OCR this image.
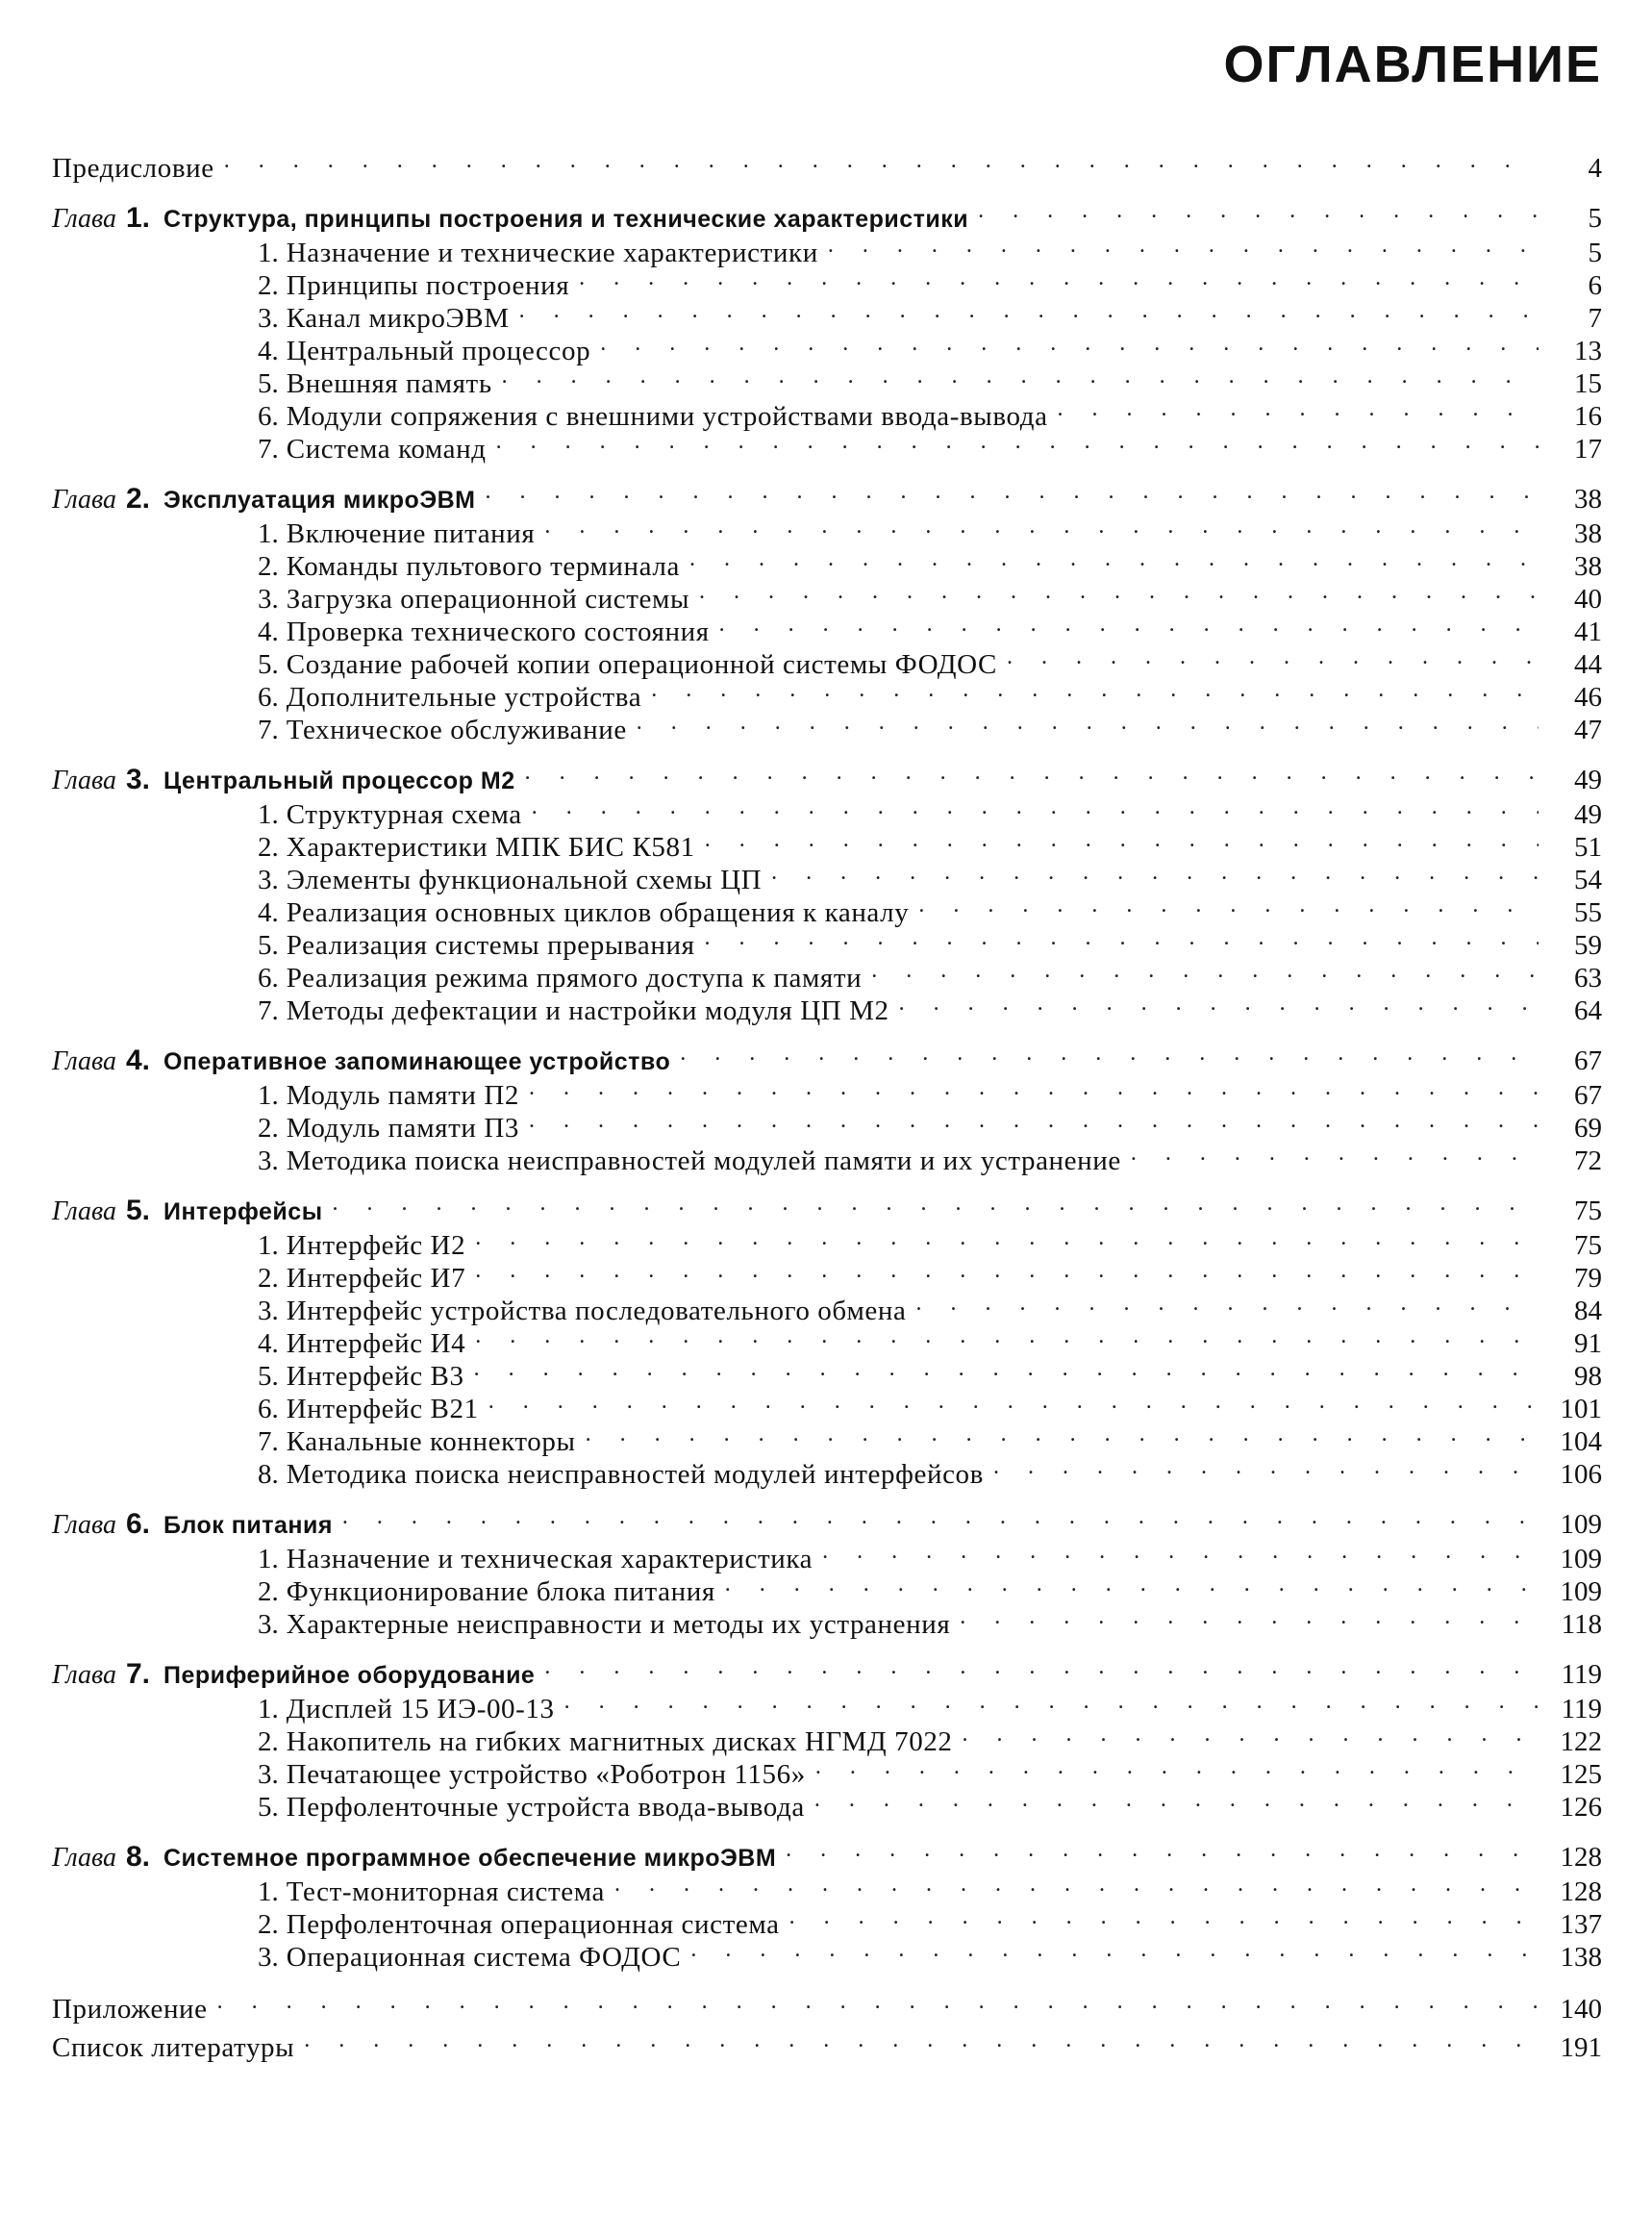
ОГЛАВЛЕНИЕ
Предисловие . . .	4
Глава 1. Структура, принципы построения и технические характеристики . . .	5
1. Назначение и технические характеристики . . .	5
2. Принципы построения . . .	6
3. Канал микроЭВМ . . .	7
4. Центральный процессор . . .	13
5. Внешняя память . . .	15
6. Модули сопряжения с внешними устройствами ввода-вывода . . .	16
7. Система команд . . .	17
Глава 2. Эксплуатация микроЭВМ . . .	38
1. Включение питания . . .	38
2. Команды пультового терминала . . .	38
3. Загрузка операционной системы . . .	40
4. Проверка технического состояния . . .	41
5. Создание рабочей копии операционной системы ФОДОС . . .	44
6. Дополнительные устройства . . .	46
7. Техническое обслуживание . . .	47
Глава 3. Центральный процессор М2 . . .	49
1. Структурная схема . . .	49
2. Характеристики МПК БИС К581 . . .	51
3. Элементы функциональной схемы ЦП . . .	54
4. Реализация основных циклов обращения к каналу . . .	55
5. Реализация системы прерывания . . .	59
6. Реализация режима прямого доступа к памяти . . .	63
7. Методы дефектации и настройки модуля ЦП М2 . . .	64
Глава 4. Оперативное запоминающее устройство . . .	67
1. Модуль памяти П2 . . .	67
2. Модуль памяти П3 . . .	69
3. Методика поиска неисправностей модулей памяти и их устранение . . .	72
Глава 5. Интерфейсы . . .	75
1. Интерфейс И2 . . .	75
2. Интерфейс И7 . . .	79
3. Интерфейс устройства последовательного обмена . . .	84
4. Интерфейс И4 . . .	91
5. Интерфейс В3 . . .	98
6. Интерфейс В21 . . .	101
7. Канальные коннекторы . . .	104
8. Методика поиска неисправностей модулей интерфейсов . . .	106
Глава 6. Блок питания . . .	109
1. Назначение и техническая характеристика . . .	109
2. Функционирование блока питания . . .	109
3. Характерные неисправности и методы их устранения . . .	118
Глава 7. Периферийное оборудование . . .	119
1. Дисплей 15 ИЭ-00-13 . . .	119
2. Накопитель на гибких магнитных дисках НГМД 7022 . . .	122
3. Печатающее устройство «Роботрон 1156» . . .	125
5. Перфоленточные устройста ввода-вывода . . .	126
Глава 8. Системное программное обеспечение микроЭВМ . . .	128
1. Тест-мониторная система . . .	128
2. Перфоленточная операционная система . . .	137
3. Операционная система ФОДОС . . .	138
Приложение . . .	140
Список литературы . . .	191
